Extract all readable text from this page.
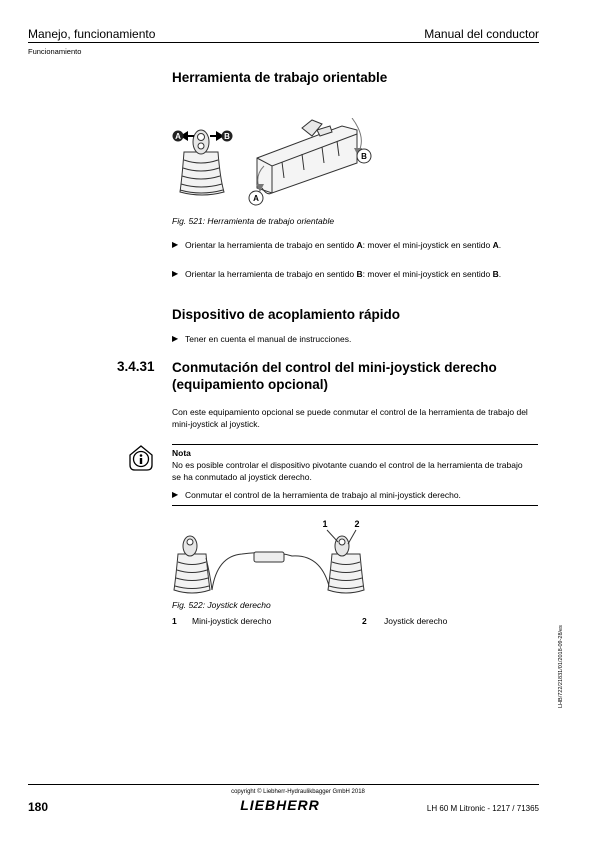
Manejo, funcionamiento	Manual del conductor
Funcionamiento
Herramienta de trabajo orientable
A	B
B
A
Fig. 521: Herramienta de trabajo orientable
▶ Orientar la herramienta de trabajo en sentido A: mover el mini-joystick en sentido A.
▶ Orientar la herramienta de trabajo en sentido B: mover el mini-joystick en sentido B.
Dispositivo de acoplamiento rápido
▶ Tener en cuenta el manual de instrucciones.
3.4.31 Conmutación del control del mini-joystick derecho
(equipamiento opcional)
Con este equipamiento opcional se puede conmutar el control de la herramienta de trabajo del mini-joystick al joystick.
Nota
No es posible controlar el dispositivo pivotante cuando el control de la herramienta de trabajo se ha conmutado al joystick derecho.
▶ Conmutar el control de la herramienta de trabajo al mini-joystick derecho.
1	2
Fig. 522: Joystick derecho
1 Mini-joystick derecho	2 Joystick derecho
LHB/722/21831/01/2018-09-28/es
180
copyright © Liebherr-Hydraulikbagger GmbH 2018
LIEBHERR	LH 60 M Litronic - 1217 / 71365
